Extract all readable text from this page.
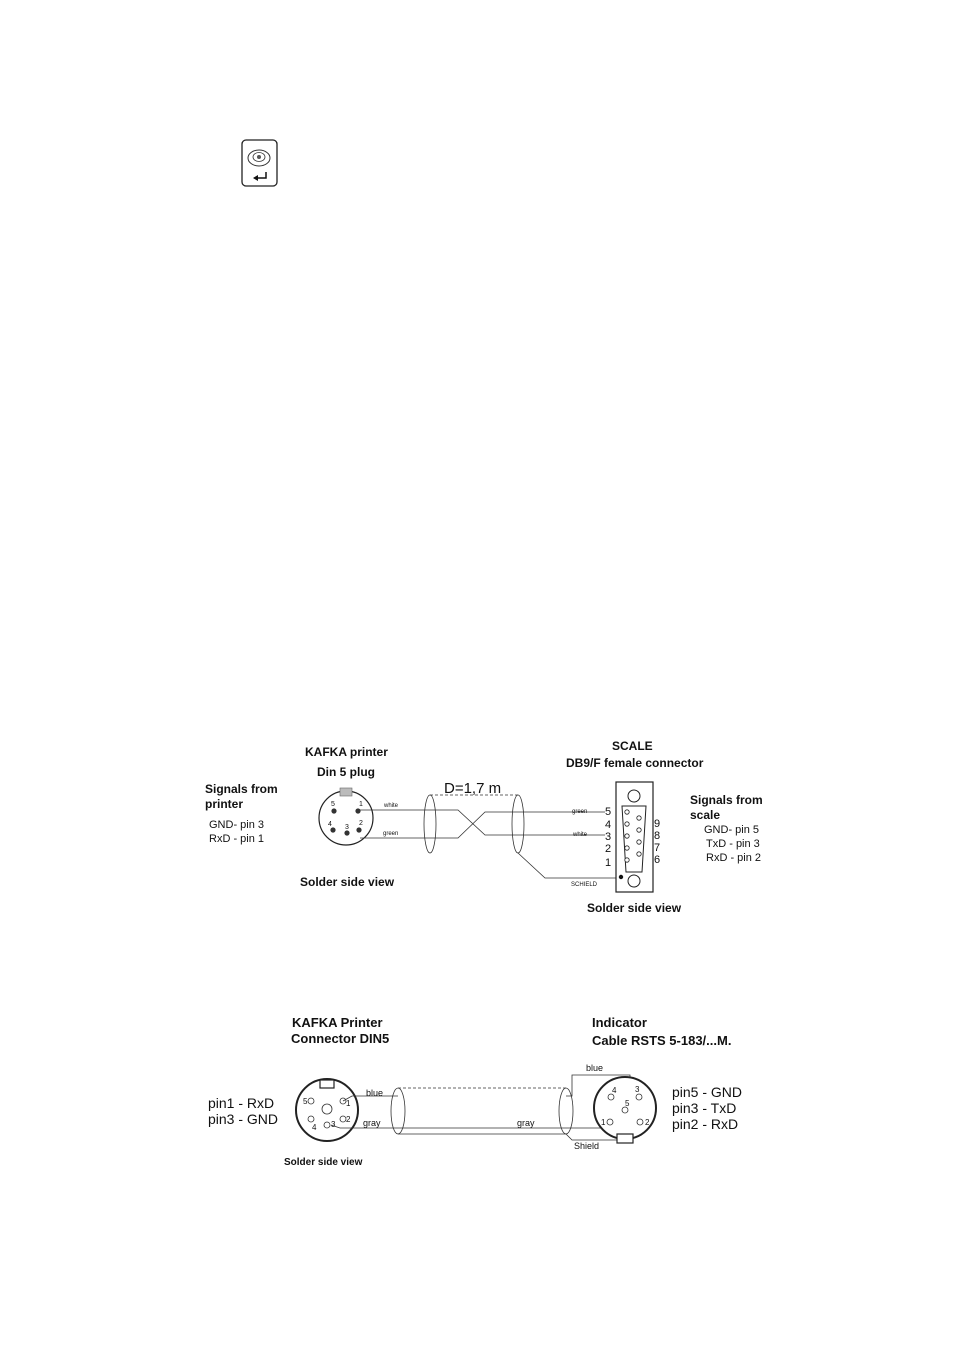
KAFKA printer
Din 5 plug
SCALE
DB9/F female connector
Signals from
printer
GND- pin 3
RxD - pin 1
Signals from
scale
GND- pin 5
TxD - pin 3
RxD - pin 2
5	1
4 3
2
white
green
green
white
D=1,7 m
SCHIELD
5
4
3
2
1
9
8
7
6
Solder side view
Solder side view
KAFKA Printer
Connector DIN5
Indicator
Cable RSTS 5-183/...M.
pin1 - RxD
pin3 - GND
pin5 - GND
pin3 - TxD
pin2 - RxD
5	1
4 3
2
blue
gray	gray
blue
Shield
4 3
5
1	2
Solder side view
